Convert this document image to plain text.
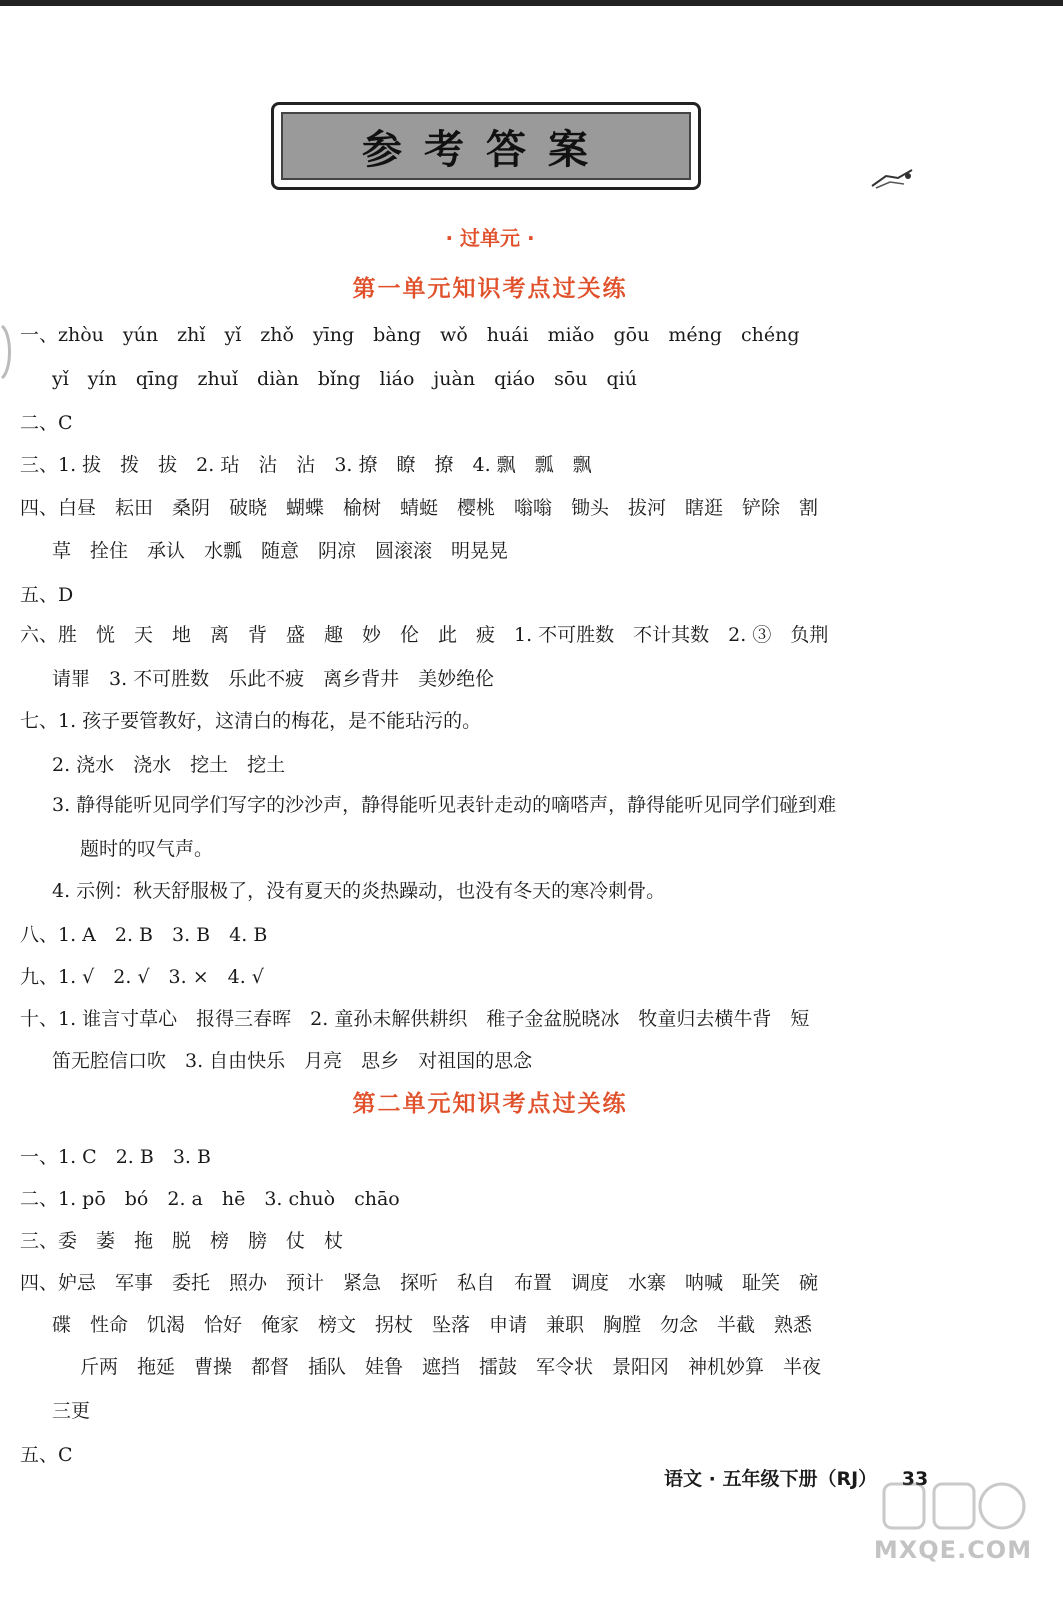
参考答案
· 过单元 ·
第一单元知识考点过关练
一、zhòu　yún　zhǐ　yǐ　zhǒ　yīng　bàng　wǒ　huái　miǎo　gōu　méng　chéng
yǐ　yín　qīng　zhuǐ　diàn　bǐng　liáo　juàn　qiáo　sōu　qiú
二、C
三、1. 拔　拨　拔　2. 玷　沾　沾　3. 撩　瞭　撩　4. 飘　瓢　飘
四、白昼　耘田　桑阴　破晓　蝴蝶　榆树　蜻蜓　樱桃　嗡嗡　锄头　拔河　瞎逛　铲除　割
草　拴住　承认　水瓢　随意　阴凉　圆滚滚　明晃晃
五、D
六、胜　恍　天　地　离　背　盛　趣　妙　伦　此　疲　1. 不可胜数　不计其数　2. ③　负荆
请罪　3. 不可胜数　乐此不疲　离乡背井　美妙绝伦
七、1. 孩子要管教好，这清白的梅花，是不能玷污的。
2. 浇水　浇水　挖土　挖土
3. 静得能听见同学们写字的沙沙声，静得能听见表针走动的嘀嗒声，静得能听见同学们碰到难
题时的叹气声。
4. 示例：秋天舒服极了，没有夏天的炎热躁动，也没有冬天的寒冷刺骨。
八、1. A　2. B　3. B　4. B
九、1. √　2. √　3. ×　4. √
十、1. 谁言寸草心　报得三春晖　2. 童孙未解供耕织　稚子金盆脱晓冰　牧童归去横牛背　短
笛无腔信口吹　3. 自由快乐　月亮　思乡　对祖国的思念
第二单元知识考点过关练
一、1. C　2. B　3. B
二、1. pō　bó　2. a　hē　3. chuò　chāo
三、委　萎　拖　脱　榜　膀　仗　杖
四、妒忌　军事　委托　照办　预计　紧急　探听　私自　布置　调度　水寨　呐喊　耻笑　碗
碟　性命　饥渴　恰好　俺家　榜文　拐杖　坠落　申请　兼职　胸膛　勿念　半截　熟悉
斤两　拖延　曹操　都督　插队　娃鲁　遮挡　擂鼓　军令状　景阳冈　神机妙算　半夜
三更
五、C
语文 · 五年级下册（RJ） 33
MXQE.COM
